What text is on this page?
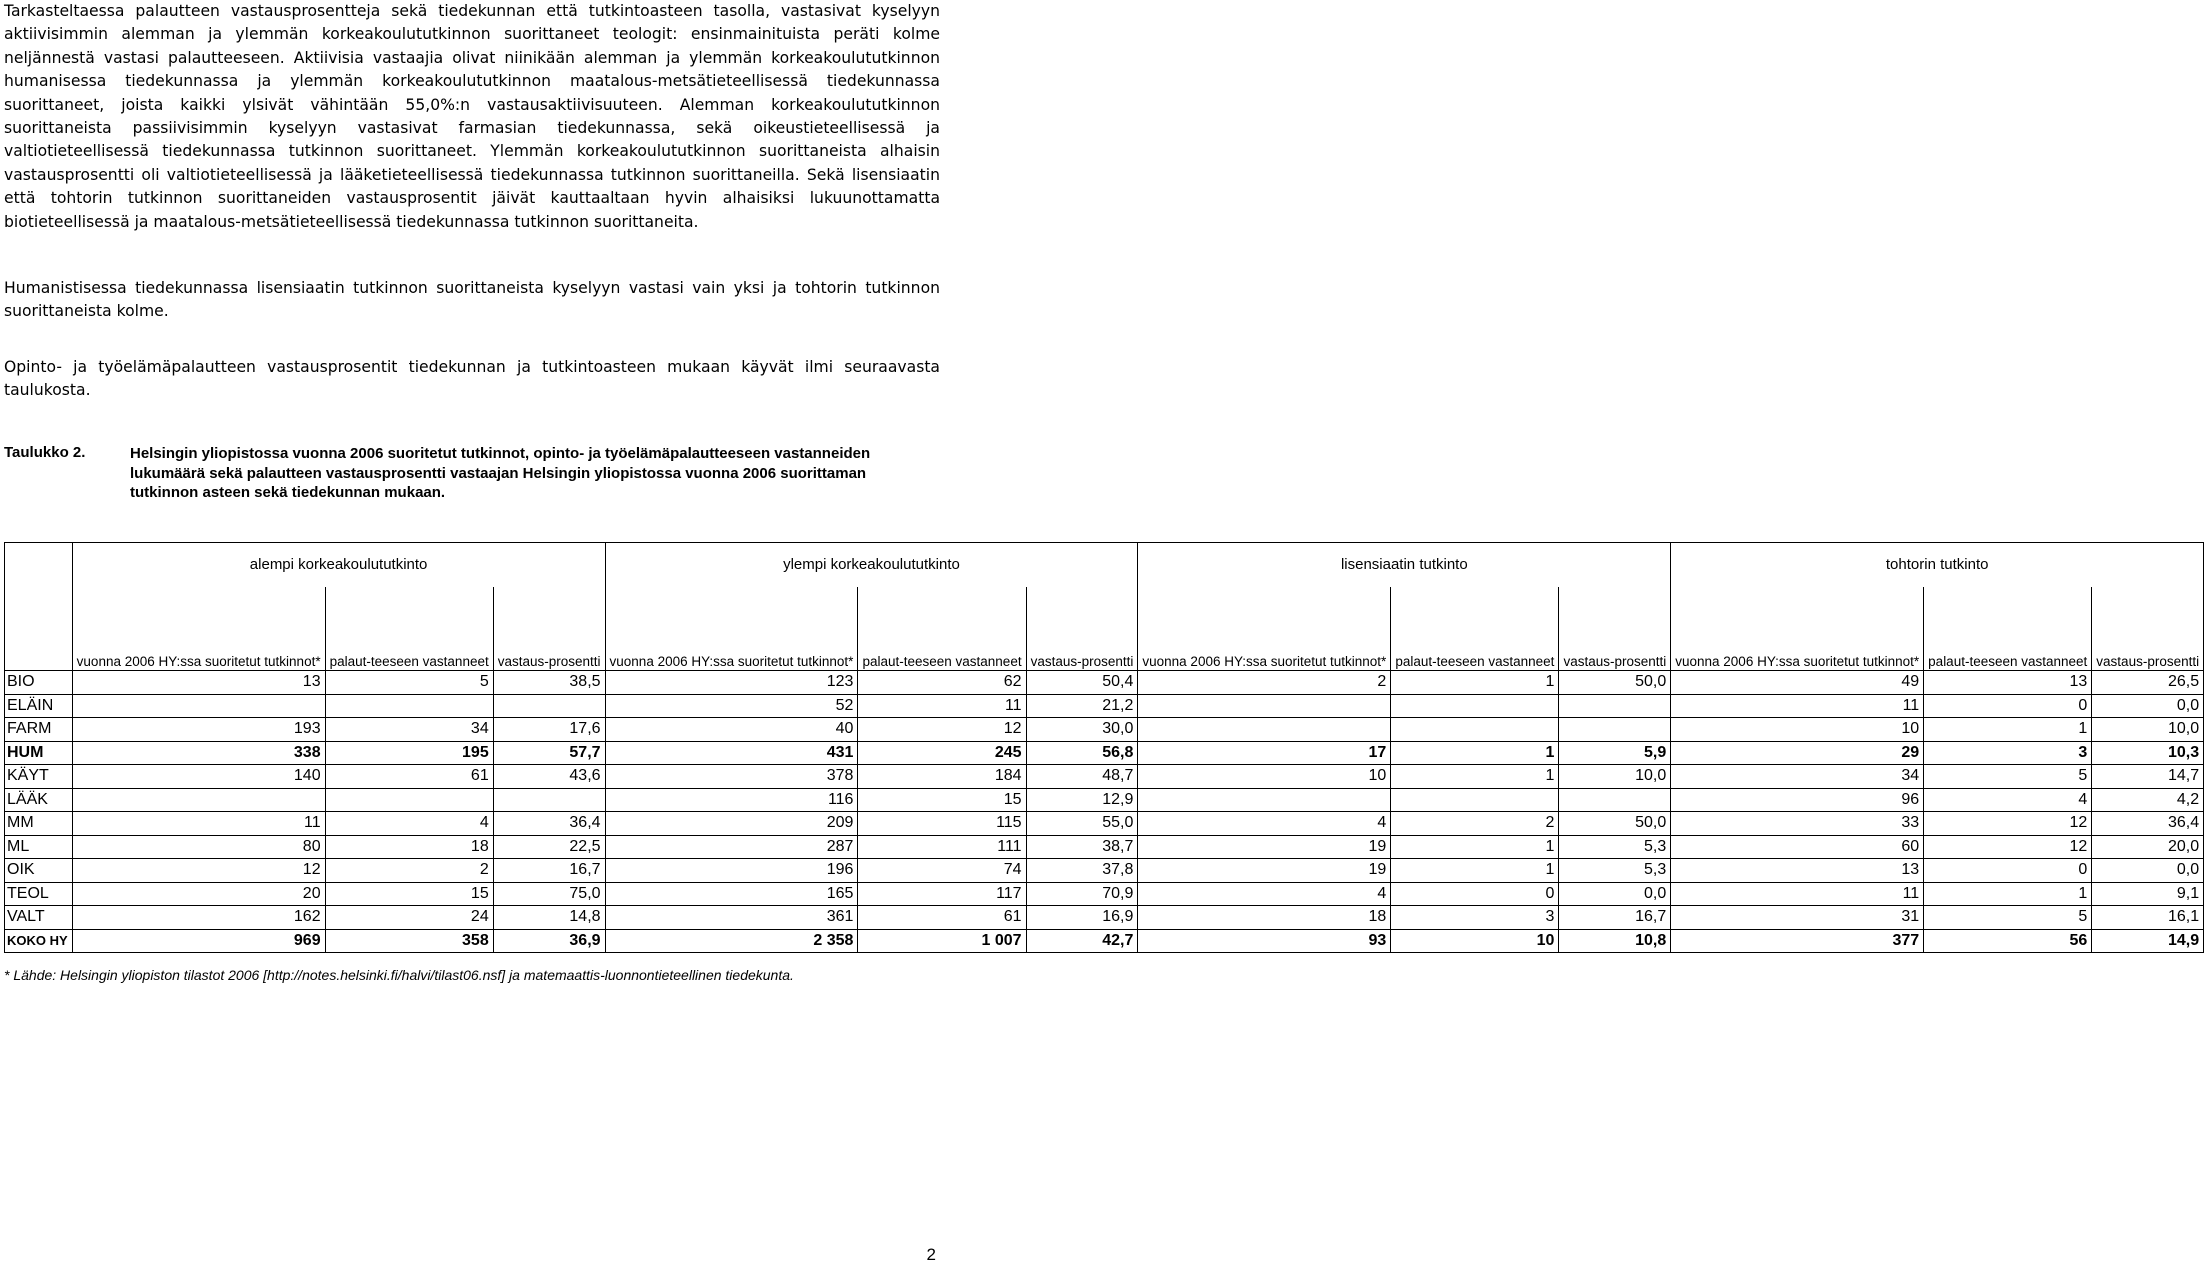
Tarkasteltaessa palautteen vastausprosentteja sekä tiedekunnan että tutkintoasteen tasolla, vastasivat kyselyyn aktiivisimmin alemman ja ylemmän korkeakoulututkinnon suorittaneet teologit: ensinmainituista peräti kolme neljännestä vastasi palautteeseen. Aktiivisia vastaajia olivat niinikään alemman ja ylemmän korkeakoulututkinnon humanisessa tiedekunnassa ja ylemmän korkeakoulututkinnon maatalous-metsätieteellisessä tiedekunnassa suorittaneet, joista kaikki ylsivät vähintään 55,0%:n vastausaktiivisuuteen. Alemman korkeakoulututkinnon suorittaneista passiivisimmin kyselyyn vastasivat farmasian tiedekunnassa, sekä oikeustieteellisessä ja valtiotieteellisessä tiedekunnassa tutkinnon suorittaneet. Ylemmän korkeakoulututkinnon suorittaneista alhaisin vastausprosentti oli valtiotieteellisessä ja lääketieteellisessä tiedekunnassa tutkinnon suorittaneilla. Sekä lisensiaatin että tohtorin tutkinnon suorittaneiden vastausprosentit jäivät kauttaaltaan hyvin alhaisiksi lukuunottamatta biotieteellisessä ja maatalous-metsätieteellisessä tiedekunnassa tutkinnon suorittaneita.

Humanistisessa tiedekunnassa lisensiaatin tutkinnon suorittaneista kyselyyn vastasi vain yksi ja tohtorin tutkinnon suorittaneista kolme.

Opinto- ja työelämäpalautteen vastausprosentit tiedekunnan ja tutkintoasteen mukaan käyvät ilmi seuraavasta taulukosta.

Taulukko 2.	Helsingin yliopistossa vuonna 2006 suoritetut tutkinnot, opinto- ja työelämäpalautteeseen vastanneiden lukumäärä sekä palautteen vastausprosentti vastaajan Helsingin yliopistossa vuonna 2006 suorittaman tutkinnon asteen sekä tiedekunnan mukaan.

	alempi korkeakoulututkinto			ylempi korkeakoulututkinto			lisensiaatin tutkinto			tohtorin tutkinto		
	vuonna 2006 HY:ssa suoritetut tutkinnot*	palaut-teeseen vastanneet	vastaus-prosentti	vuonna 2006 HY:ssa suoritetut tutkinnot*	palaut-teeseen vastanneet	vastaus-prosentti	vuonna 2006 HY:ssa suoritetut tutkinnot*	palaut-teeseen vastanneet	vastaus-prosentti	vuonna 2006 HY:ssa suoritetut tutkinnot*	palaut-teeseen vastanneet	vastaus-prosentti
BIO	13	5	38,5	123	62	50,4	2	1	50,0	49	13	26,5
ELÄIN				52	11	21,2				11	0	0,0
FARM	193	34	17,6	40	12	30,0				10	1	10,0
HUM	338	195	57,7	431	245	56,8	17	1	5,9	29	3	10,3
KÄYT	140	61	43,6	378	184	48,7	10	1	10,0	34	5	14,7
LÄÄK				116	15	12,9				96	4	4,2
MM	11	4	36,4	209	115	55,0	4	2	50,0	33	12	36,4
ML	80	18	22,5	287	111	38,7	19	1	5,3	60	12	20,0
OIK	12	2	16,7	196	74	37,8	19	1	5,3	13	0	0,0
TEOL	20	15	75,0	165	117	70,9	4	0	0,0	11	1	9,1
VALT	162	24	14,8	361	61	16,9	18	3	16,7	31	5	16,1
KOKO HY	969	358	36,9	2 358	1 007	42,7	93	10	10,8	377	56	14,9
* Lähde: Helsingin yliopiston tilastot 2006 [http://notes.helsinki.fi/halvi/tilast06.nsf] ja matemaattis-luonnontieteellinen tiedekunta.
2
